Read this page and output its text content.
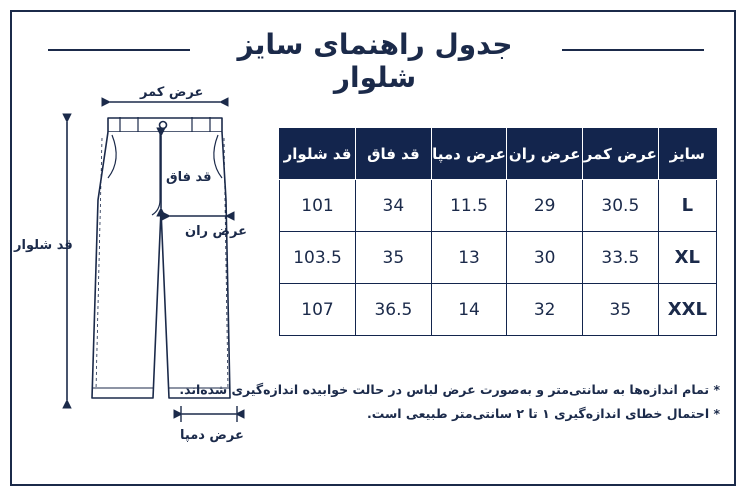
جدول راهنمای سایز شلوار
عرض کمر
قد فاق
عرض ران
قد شلوار
عرض دمپا
سایز	عرض کمر	عرض ران	عرض دمپا	قد فاق	قد شلوار
L	30.5	29	11.5	34	101
XL	33.5	30	13	35	103.5
XXL	35	32	14	36.5	107
* تمام اندازه‌ها به سانتی‌متر و به‌صورت عرض لباس در حالت خوابیده اندازه‌گیری شده‌اند.
* احتمال خطای اندازه‌گیری ۱ تا ۲ سانتی‌متر طبیعی است.
